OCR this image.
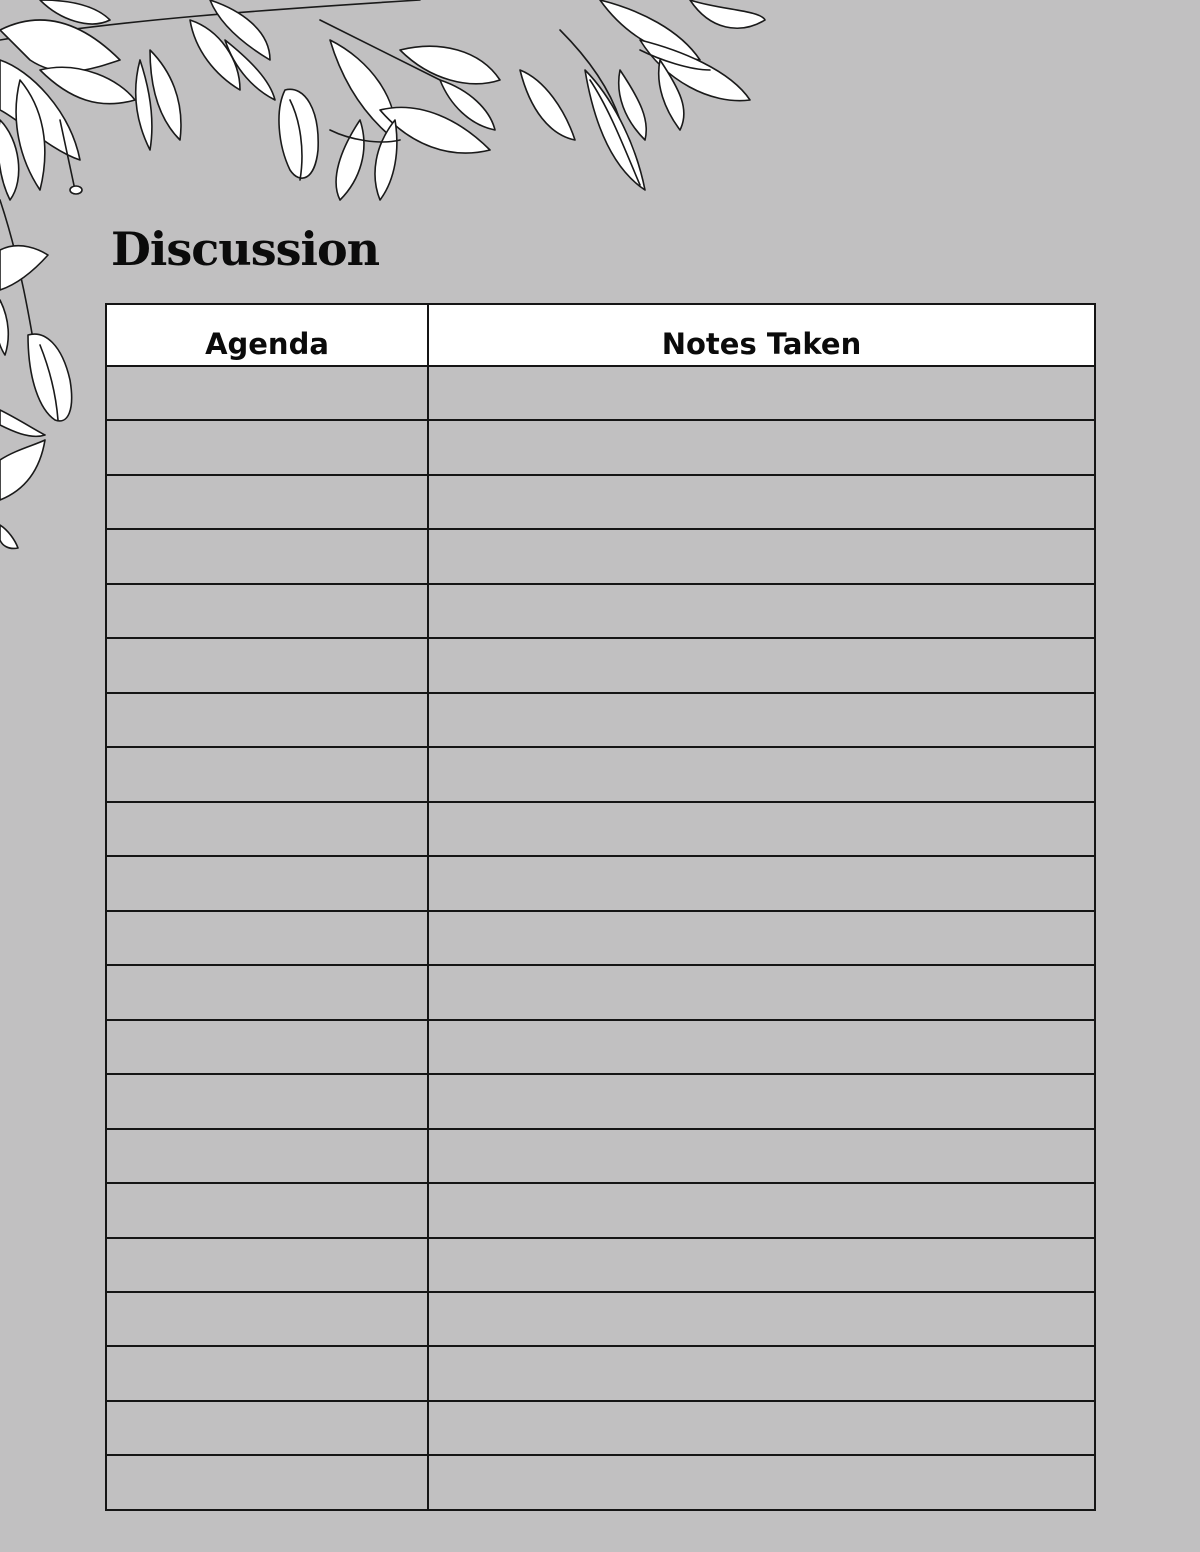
Discussion
Agenda	Notes Taken
